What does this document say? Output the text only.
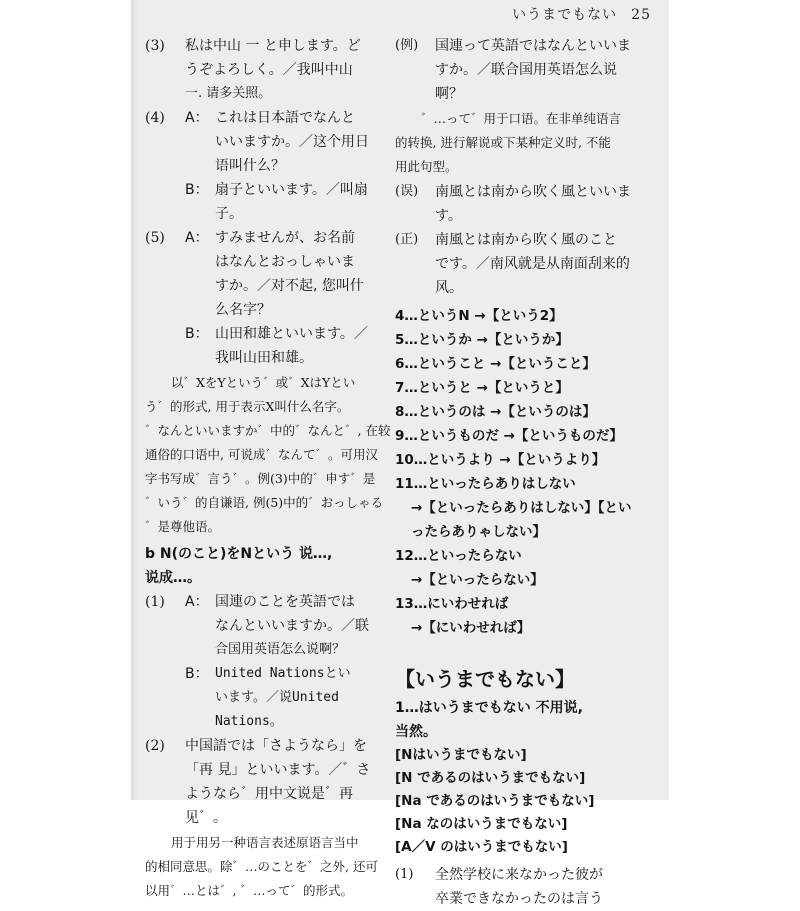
いうまでもない 25
(3)	私は中山 一 と申します。ど
うぞよろしく。／我叫中山
一. 请多关照。
(4)	A： これは日本語でなんと
いいますか。／这个用日
语叫什么？
B： 扇子といいます。／叫扇
子。
(5)	A： すみませんが、お名前
はなんとおっしゃいま
すか。／对不起, 您叫什
么名字？
B： 山田和雄といいます。／
我叫山田和雄。
以゛XをYという゛或゛XはYとい
う゛的形式, 用于表示X叫什么名字。
゛なんといいますか゛中的゛なんと゛, 在较
通俗的口语中, 可说成゛なんて゛。可用汉
字书写成゛言う゛。例(3)中的゛申す゛是
゛いう゛的自谦语, 例(5)中的゛おっしゃる
゛是尊他语。
b N(のこと)をNという 说…,
说成…。
(1)	A： 国連のことを英語では
なんといいますか。／联
合国用英语怎么说啊？
B： United Nationsとい
います。／说United
Nations。
(2)	中国語では「さようなら」を
「再 見」といいます。／゛さ
ようなら゛用中文说是゛再
见゛。
用于用另一种语言表述原语言当中
的相同意思。除゛…のことを゛之外, 还可
以用゛…とは゛, ゛…って゛的形式。
(例)	国連って英語ではなんといいま
すか。／联合国用英语怎么说
啊？
゛…って゛用于口语。在非单纯语言
的转换, 进行解说或下某种定义时, 不能
用此句型。
(误)	南風とは南から吹く風といいま
す。
(正)	南風とは南から吹く風のこと
です。／南风就是从南面刮来的
风。
4…というN →【という2】
5…というか →【というか】
6…ということ →【ということ】
7…というと →【というと】
8…というのは →【というのは】
9…というものだ →【というものだ】
10…というより →【というより】
11…といったらありはしない
→【といったらありはしない】【とい
ったらありゃしない】
12…といったらない
→【といったらない】
13…にいわせれば
→【にいわせれば】
【いうまでもない】
1…はいうまでもない 不用说,
当然。
[Nはいうまでもない]
[N であるのはいうまでもない]
[Na であるのはいうまでもない]
[Na なのはいうまでもない]
[A／V のはいうまでもない]
(1)	全然学校に来なかった彼が
卒業できなかったのは言う
